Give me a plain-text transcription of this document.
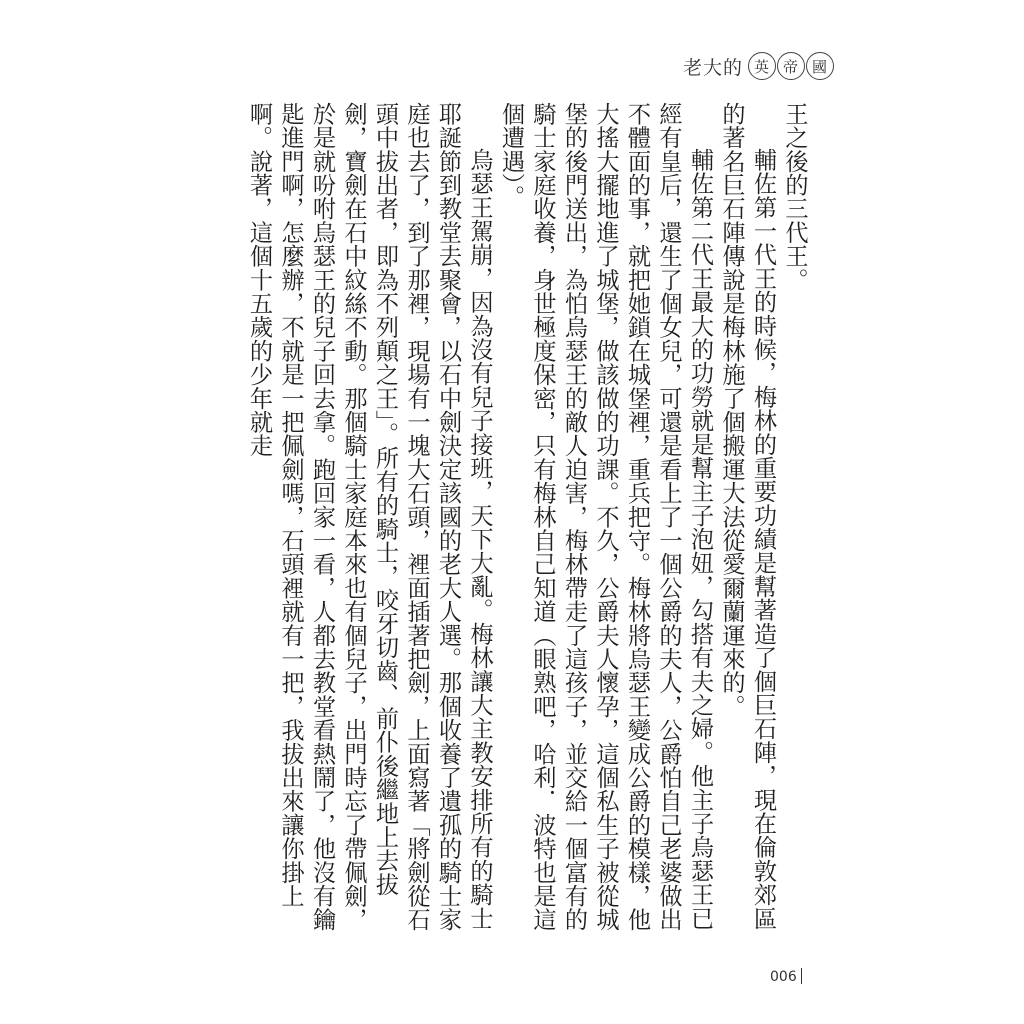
老大的 英 帝 國

王之後的三代王。

輔佐第一代王的時候，梅林的重要功績是幫著造了個巨石陣，現在倫敦郊區的著名巨石陣傳說是梅林施了個搬運大法從愛爾蘭運來的。

輔佐第二代王最大的功勞就是幫主子泡妞，勾搭有夫之婦。他主子烏瑟王已經有皇后，還生了個女兒，可還是看上了一個公爵的夫人，公爵怕自己老婆做出不體面的事，就把她鎖在城堡裡，重兵把守。梅林將烏瑟王變成公爵的模樣，他大搖大擺地進了城堡，做該做的功課。不久，公爵夫人懷孕，這個私生子被從城堡的後門送出，為怕烏瑟王的敵人迫害，梅林帶走了這孩子，並交給一個富有的騎士家庭收養，身世極度保密，只有梅林自己知道（眼熟吧，哈利．波特也是這個遭遇）。

烏瑟王駕崩，因為沒有兒子接班，天下大亂。梅林讓大主教安排所有的騎士耶誕節到教堂去聚會，以石中劍決定該國的老大人選。那個收養了遺孤的騎士家庭也去了，到了那裡，現場有一塊大石頭，裡面插著把劍，上面寫著「將劍從石頭中拔出者，即為不列顛之王」。所有的騎士，咬牙切齒、前仆後繼地上去拔劍，寶劍在石中紋絲不動。那個騎士家庭本來也有個兒子，出門時忘了帶佩劍，於是就吩咐烏瑟王的兒子回去拿。跑回家一看，人都去教堂看熱鬧了，他沒有鑰匙進門啊，怎麼辦，不就是一把佩劍嗎，石頭裡就有一把，我拔出來讓你掛上啊。說著，這個十五歲的少年就走

006
